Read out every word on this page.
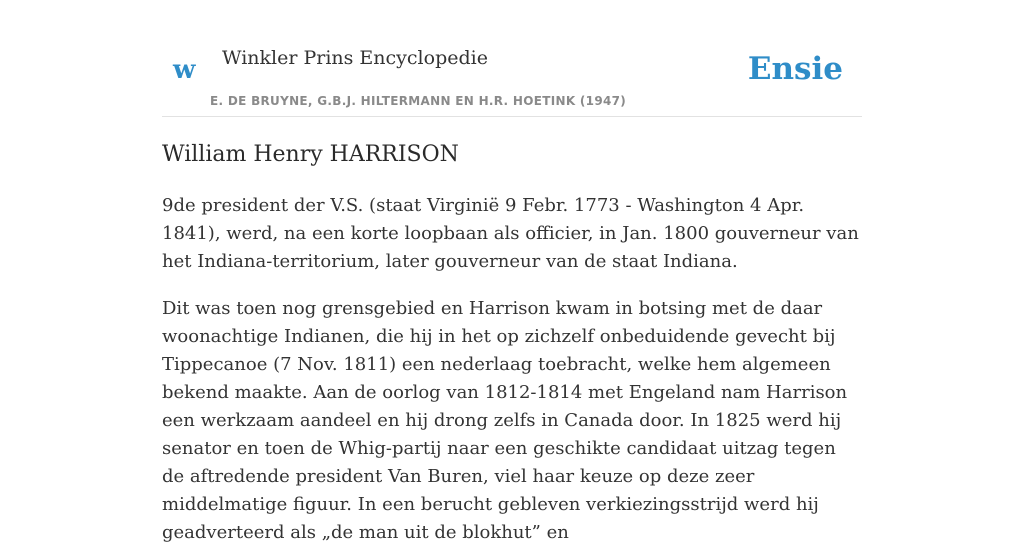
w Winkler Prins Encyclopedie
E. DE BRUYNE, G.B.J. HILTERMANN EN H.R. HOETINK (1947)
Ensie
William Henry HARRISON

9de president der V.S. (staat Virginië 9 Febr. 1773 - Washington 4 Apr. 1841), werd, na een korte loopbaan als officier, in Jan. 1800 gouverneur van het Indiana-territorium, later gouverneur van de staat Indiana.

Dit was toen nog grensgebied en Harrison kwam in botsing met de daar woonachtige Indianen, die hij in het op zichzelf onbeduidende gevecht bij Tippecanoe (7 Nov. 1811) een nederlaag toebracht, welke hem algemeen bekend maakte. Aan de oorlog van 1812-1814 met Engeland nam Harrison een werkzaam aandeel en hij drong zelfs in Canada door. In 1825 werd hij senator en toen de Whig-partij naar een geschikte candidaat uitzag tegen de aftredende president Van Buren, viel haar keuze op deze zeer middelmatige figuur. In een berucht gebleven verkiezingsstrijd werd hij geadverteerd als „de man uit de blokhut” en
